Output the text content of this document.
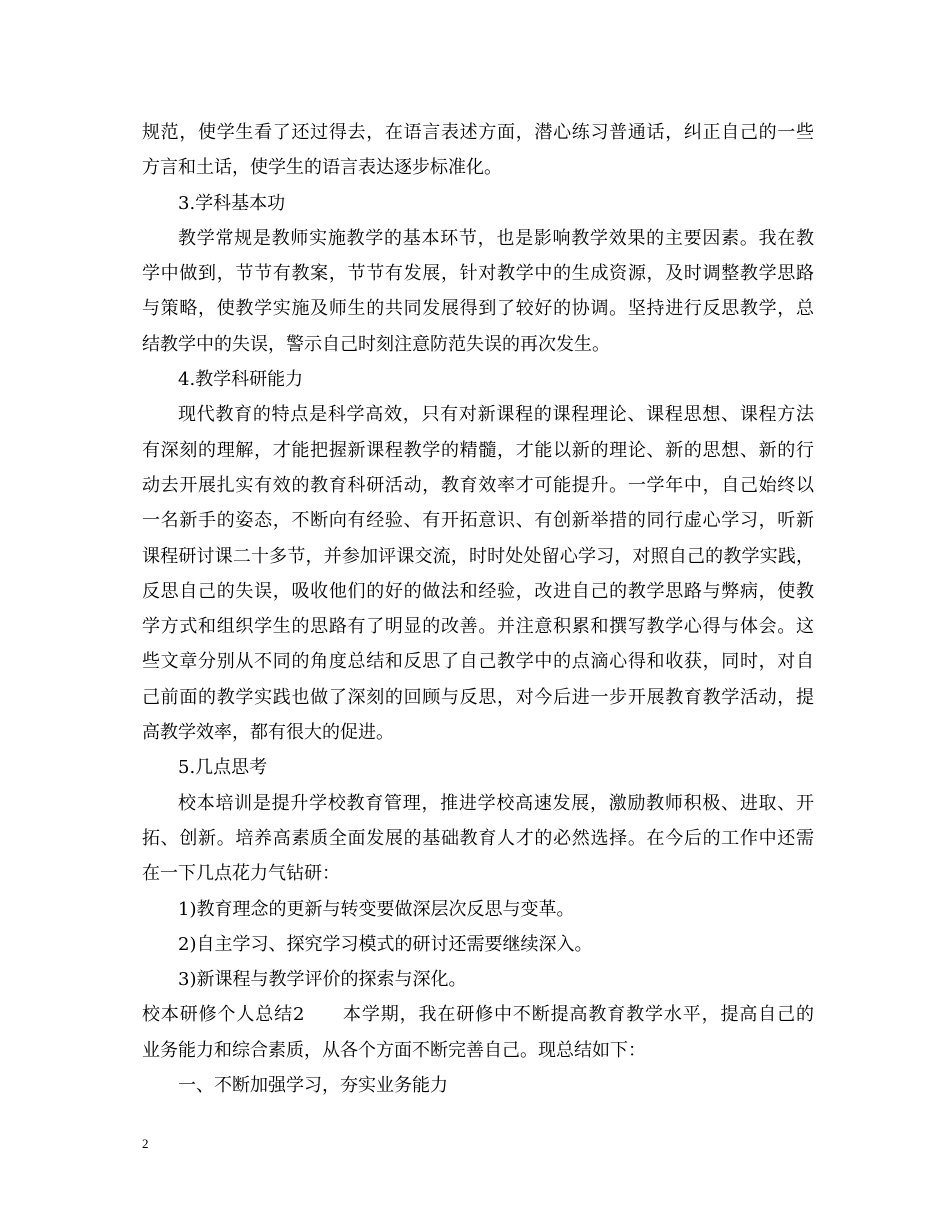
规范，使学生看了还过得去，在语言表述方面，潜心练习普通话，纠正自己的一些
方言和土话，使学生的语言表达逐步标准化。
3.学科基本功
教学常规是教师实施教学的基本环节，也是影响教学效果的主要因素。我在教
学中做到，节节有教案，节节有发展，针对教学中的生成资源，及时调整教学思路
与策略，使教学实施及师生的共同发展得到了较好的协调。坚持进行反思教学，总
结教学中的失误，警示自己时刻注意防范失误的再次发生。
4.教学科研能力
现代教育的特点是科学高效，只有对新课程的课程理论、课程思想、课程方法
有深刻的理解，才能把握新课程教学的精髓，才能以新的理论、新的思想、新的行
动去开展扎实有效的教育科研活动，教育效率才可能提升。一学年中，自己始终以
一名新手的姿态，不断向有经验、有开拓意识、有创新举措的同行虚心学习，听新
课程研讨课二十多节，并参加评课交流，时时处处留心学习，对照自己的教学实践，
反思自己的失误，吸收他们的好的做法和经验，改进自己的教学思路与弊病，使教
学方式和组织学生的思路有了明显的改善。并注意积累和撰写教学心得与体会。这
些文章分别从不同的角度总结和反思了自己教学中的点滴心得和收获，同时，对自
己前面的教学实践也做了深刻的回顾与反思，对今后进一步开展教育教学活动，提
高教学效率，都有很大的促进。
5.几点思考
校本培训是提升学校教育管理，推进学校高速发展，激励教师积极、进取、开
拓、创新。培养高素质全面发展的基础教育人才的必然选择。在今后的工作中还需
在一下几点花力气钻研：
1)教育理念的更新与转变要做深层次反思与变革。
2)自主学习、探究学习模式的研讨还需要继续深入。
3)新课程与教学评价的探索与深化。
校本研修个人总结2　　本学期，我在研修中不断提高教育教学水平，提高自己的
业务能力和综合素质，从各个方面不断完善自己。现总结如下：
一、不断加强学习，夯实业务能力
2
